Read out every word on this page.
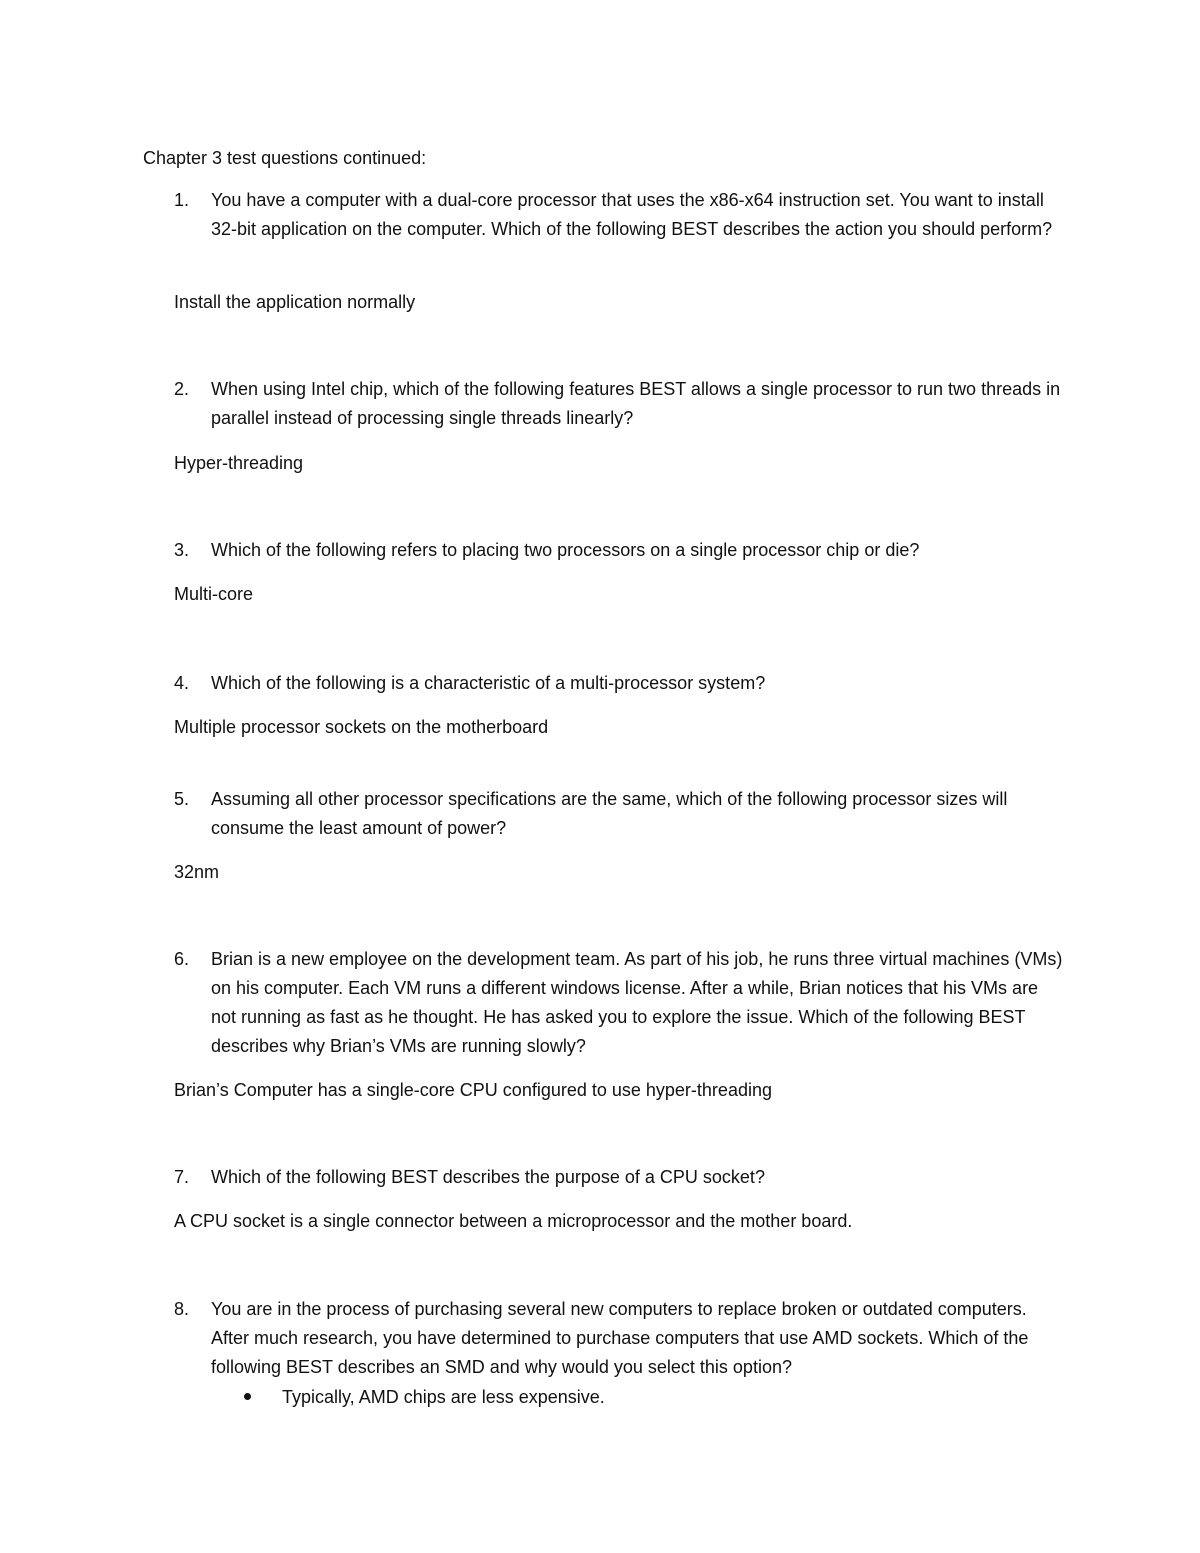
Chapter 3 test questions continued:
1.	You have a computer with a dual-core processor that uses the x86-x64 instruction set. You want to install 32-bit application on the computer. Which of the following BEST describes the action you should perform?
Install the application normally
2.	When using Intel chip, which of the following features BEST allows a single processor to run two threads in parallel instead of processing single threads linearly?
Hyper-threading
3.	Which of the following refers to placing two processors on a single processor chip or die?
Multi-core
4.	Which of the following is a characteristic of a multi-processor system?
Multiple processor sockets on the motherboard
5.	Assuming all other processor specifications are the same, which of the following processor sizes will consume the least amount of power?
32nm
6.	Brian is a new employee on the development team. As part of his job, he runs three virtual machines (VMs) on his computer. Each VM runs a different windows license. After a while, Brian notices that his VMs are not running as fast as he thought. He has asked you to explore the issue. Which of the following BEST describes why Brian’s VMs are running slowly?
Brian’s Computer has a single-core CPU configured to use hyper-threading
7.	Which of the following BEST describes the purpose of a CPU socket?
A CPU socket is a single connector between a microprocessor and the mother board.
8.	You are in the process of purchasing several new computers to replace broken or outdated computers. After much research, you have determined to purchase computers that use AMD sockets. Which of the following BEST describes an SMD and why would you select this option?
Typically, AMD chips are less expensive.
